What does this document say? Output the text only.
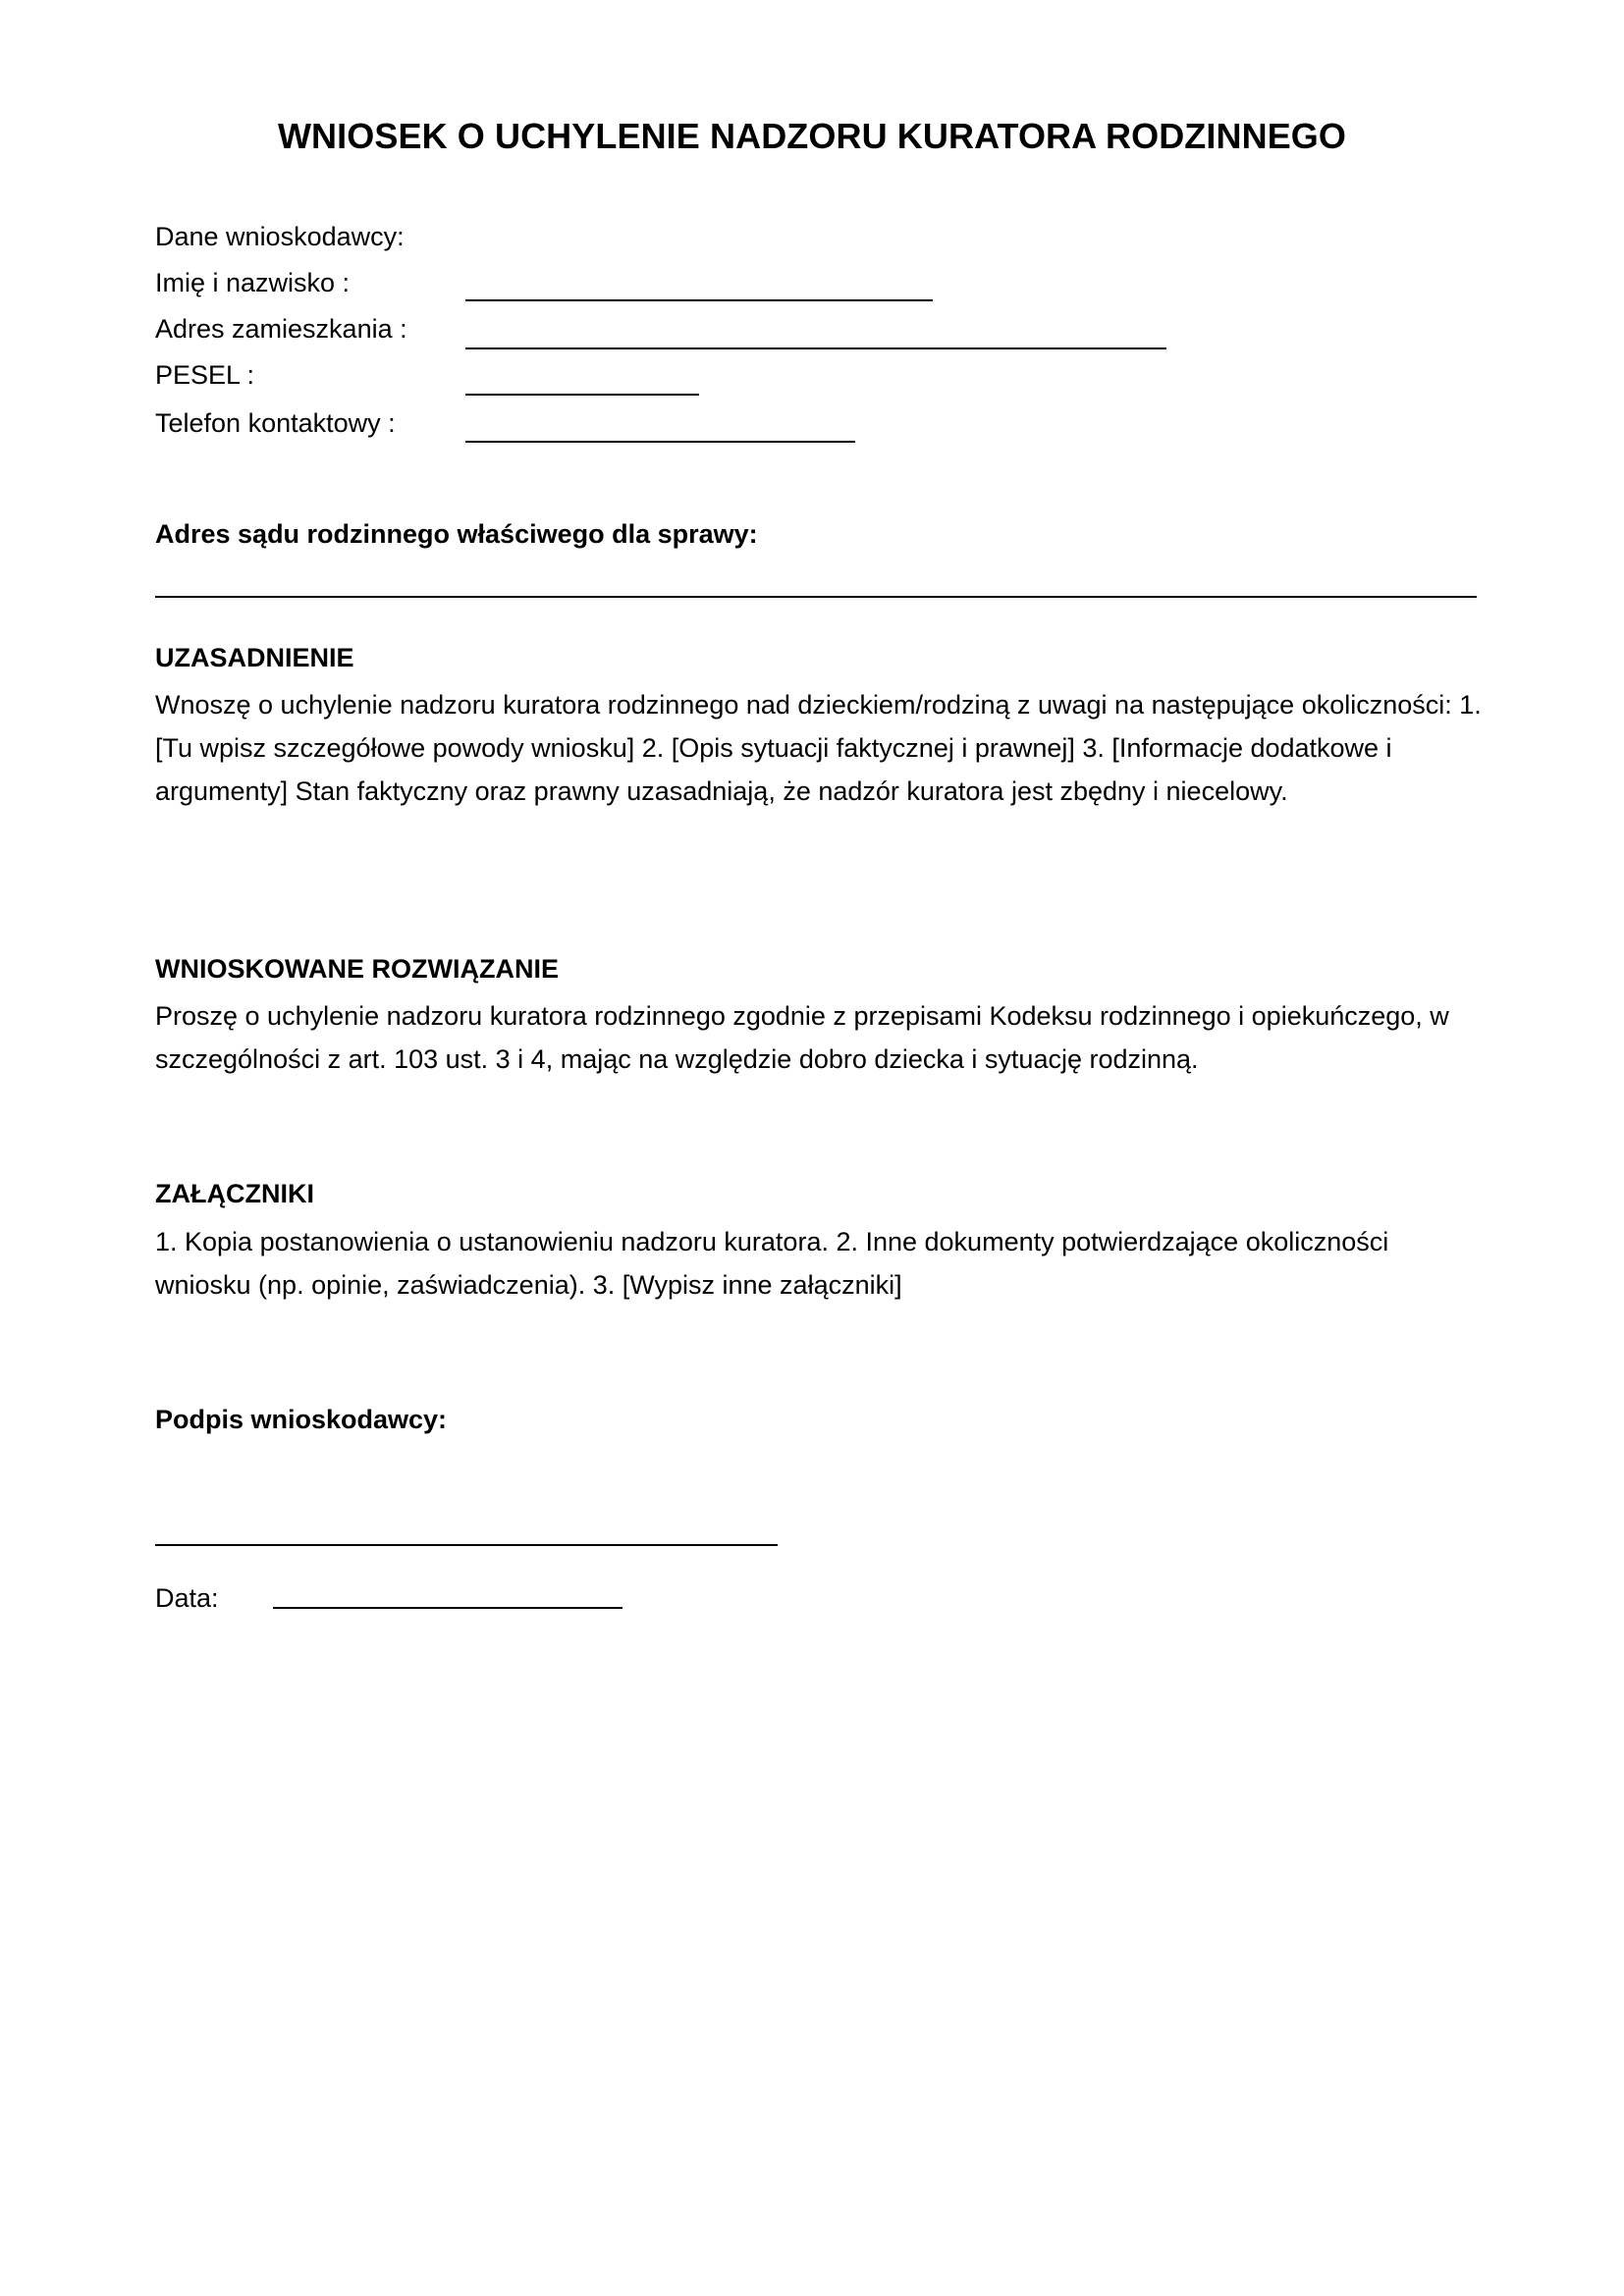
WNIOSEK O UCHYLENIE NADZORU KURATORA RODZINNEGO
Dane wnioskodawcy:
Imię i nazwisko :
Adres zamieszkania :
PESEL :
Telefon kontaktowy :
Adres sądu rodzinnego właściwego dla sprawy:
UZASADNIENIE
Wnoszę o uchylenie nadzoru kuratora rodzinnego nad dzieckiem/rodziną z uwagi na następujące okoliczności: 1. [Tu wpisz szczegółowe powody wniosku] 2. [Opis sytuacji faktycznej i prawnej] 3. [Informacje dodatkowe i argumenty] Stan faktyczny oraz prawny uzasadniają, że nadzór kuratora jest zbędny i niecelowy.
WNIOSKOWANE ROZWIĄZANIE
Proszę o uchylenie nadzoru kuratora rodzinnego zgodnie z przepisami Kodeksu rodzinnego i opiekuńczego, w szczególności z art. 103 ust. 3 i 4, mając na względzie dobro dziecka i sytuację rodzinną.
ZAŁĄCZNIKI
1. Kopia postanowienia o ustanowieniu nadzoru kuratora. 2. Inne dokumenty potwierdzające okoliczności wniosku (np. opinie, zaświadczenia). 3. [Wypisz inne załączniki]
Podpis wnioskodawcy:
Data:
